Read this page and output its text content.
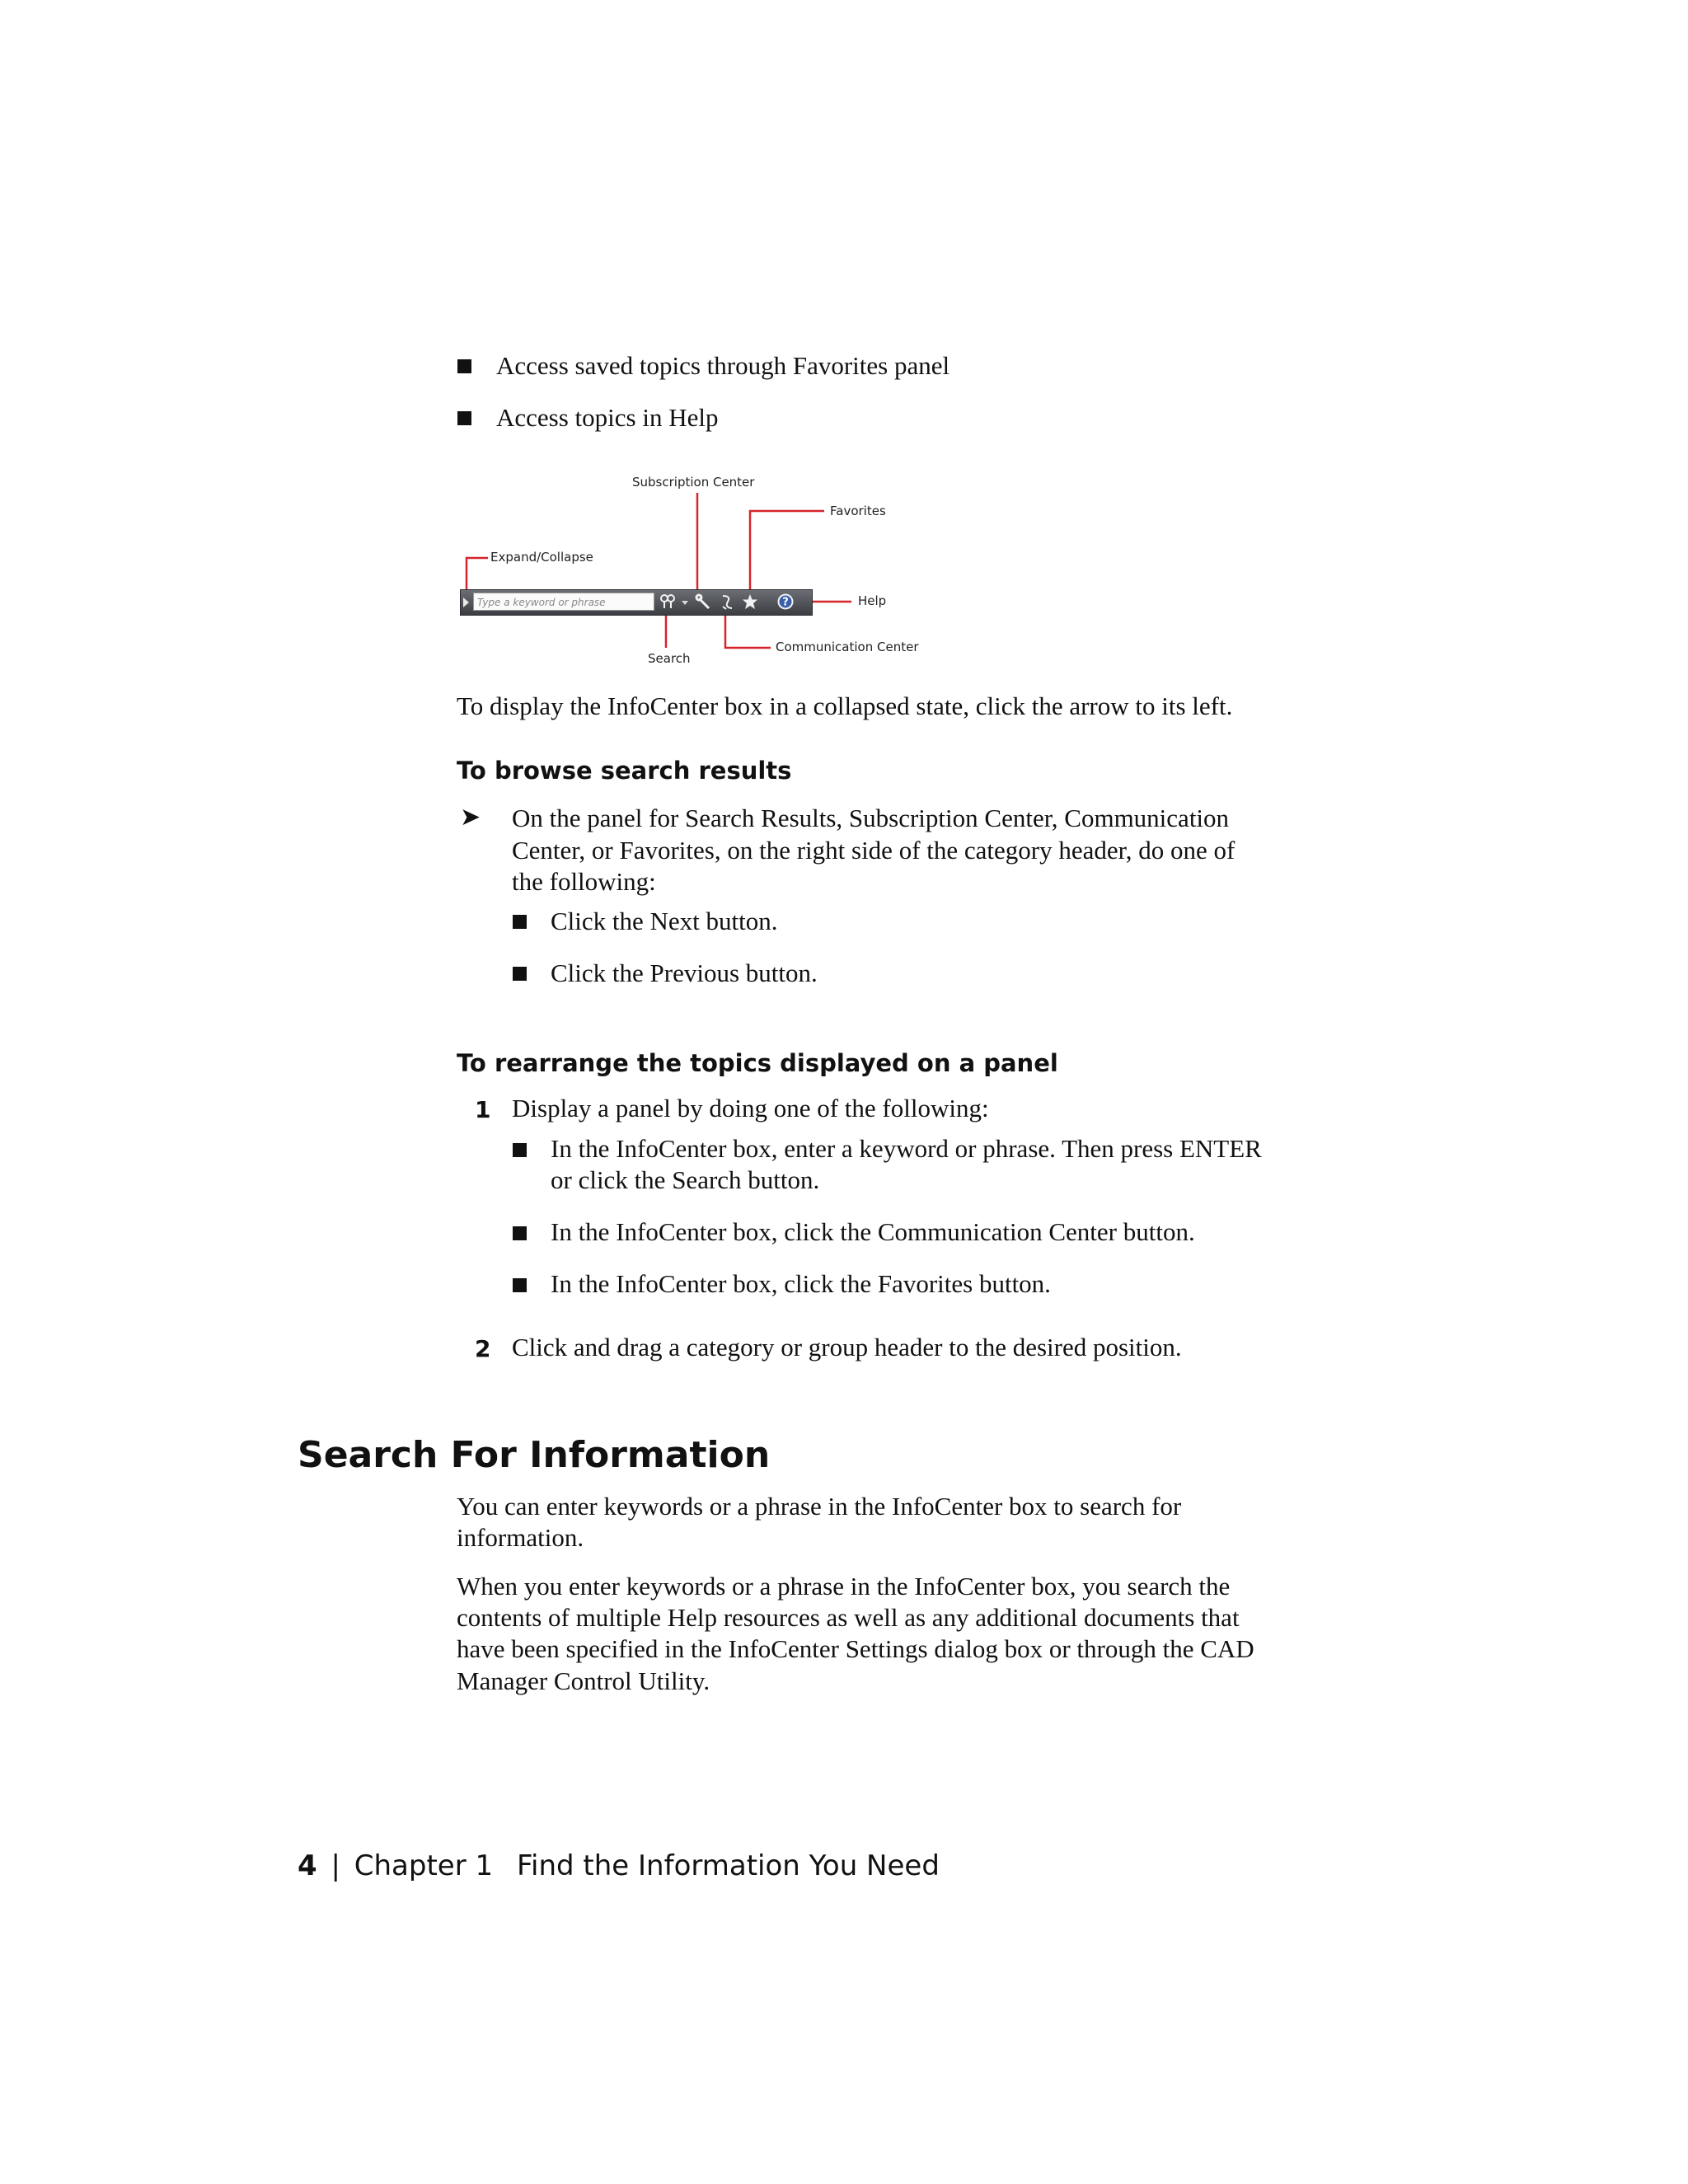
Access saved topics through Favorites panel
Access topics in Help
Type a keyword or phrase	?
Subscription Center
Favorites
Expand/Collapse
Help
Search
Communication Center
To display the InfoCenter box in a collapsed state, click the arrow to its left.
To browse search results
➤ On the panel for Search Results, Subscription Center, Communication
Center, or Favorites, on the right side of the category header, do one of
the following:
Click the Next button.
Click the Previous button.
To rearrange the topics displayed on a panel
1 Display a panel by doing one of the following:
In the InfoCenter box, enter a keyword or phrase. Then press ENTER
or click the Search button.
In the InfoCenter box, click the Communication Center button.
In the InfoCenter box, click the Favorites button.
2 Click and drag a category or group header to the desired position.
Search For Information
You can enter keywords or a phrase in the InfoCenter box to search for
information.
When you enter keywords or a phrase in the InfoCenter box, you search the
contents of multiple Help resources as well as any additional documents that
have been specified in the InfoCenter Settings dialog box or through the CAD
Manager Control Utility.
4 | Chapter 1 Find the Information You Need
